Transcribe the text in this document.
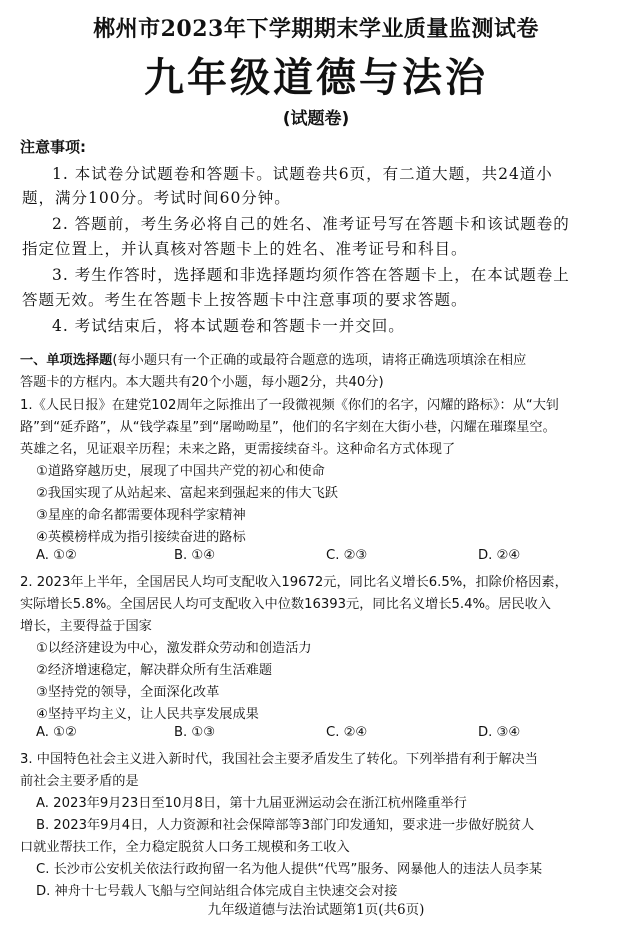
郴州市2023年下学期期末学业质量监测试卷
九年级道德与法治
(试题卷)
注意事项:
1. 本试卷分试题卷和答题卡。试题卷共6页，有二道大题，共24道小
题，满分100分。考试时间60分钟。
2. 答题前，考生务必将自己的姓名、准考证号写在答题卡和该试题卷的
指定位置上，并认真核对答题卡上的姓名、准考证号和科目。
3. 考生作答时，选择题和非选择题均须作答在答题卡上，在本试题卷上
答题无效。考生在答题卡上按答题卡中注意事项的要求答题。
4. 考试结束后，将本试题卷和答题卡一并交回。
一、单项选择题(每小题只有一个正确的或最符合题意的选项，请将正确选项填涂在相应
答题卡的方框内。本大题共有20个小题，每小题2分，共40分)
1.《人民日报》在建党102周年之际推出了一段微视频《你们的名字，闪耀的路标》：从“大钊
路”到“延乔路”，从“钱学森星”到“屠呦呦星”，他们的名字刻在大街小巷，闪耀在璀璨星空。
英雄之名，见证艰辛历程；未来之路，更需接续奋斗。这种命名方式体现了
①道路穿越历史，展现了中国共产党的初心和使命
②我国实现了从站起来、富起来到强起来的伟大飞跃
③星座的命名都需要体现科学家精神
④英模榜样成为指引接续奋进的路标
A. ①②	B. ①④	C. ②③	D. ②④
2. 2023年上半年，全国居民人均可支配收入19672元，同比名义增长6.5%，扣除价格因素，
实际增长5.8%。全国居民人均可支配收入中位数16393元，同比名义增长5.4%。居民收入
增长，主要得益于国家
①以经济建设为中心，激发群众劳动和创造活力
②经济增速稳定，解决群众所有生活难题
③坚持党的领导，全面深化改革
④坚持平均主义，让人民共享发展成果
A. ①②	B. ①③	C. ②④	D. ③④
3. 中国特色社会主义进入新时代，我国社会主要矛盾发生了转化。下列举措有利于解决当
前社会主要矛盾的是
A. 2023年9月23日至10月8日，第十九届亚洲运动会在浙江杭州隆重举行
B. 2023年9月4日，人力资源和社会保障部等3部门印发通知，要求进一步做好脱贫人
口就业帮扶工作，全力稳定脱贫人口务工规模和务工收入
C. 长沙市公安机关依法行政拘留一名为他人提供“代骂”服务、网暴他人的违法人员李某
D. 神舟十七号载人飞船与空间站组合体完成自主快速交会对接
九年级道德与法治试题第1页(共6页)
